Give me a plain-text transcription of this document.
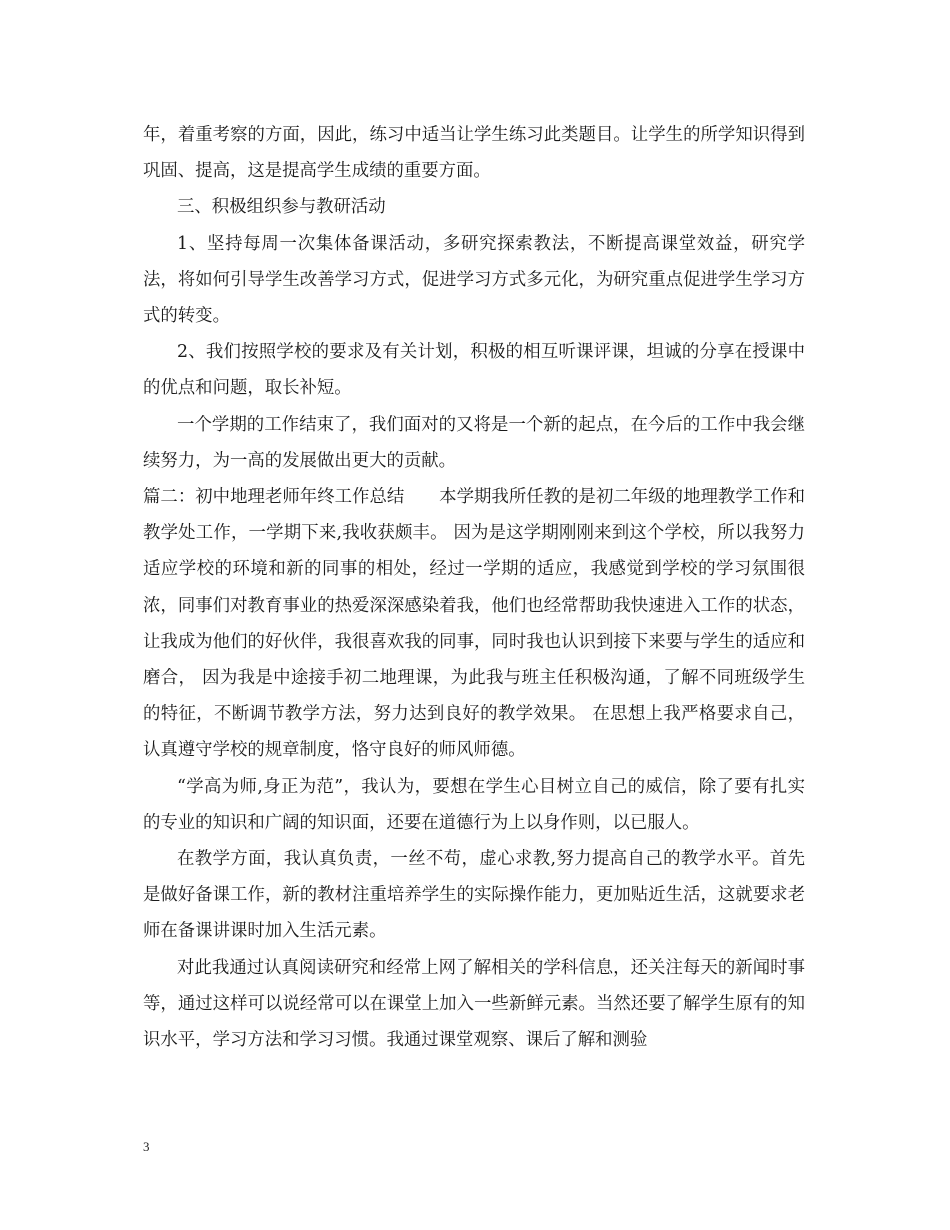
年，着重考察的方面，因此，练习中适当让学生练习此类题目。让学生的所学知识得到巩固、提高，这是提高学生成绩的重要方面。

三、积极组织参与教研活动

1、坚持每周一次集体备课活动，多研究探索教法，不断提高课堂效益，研究学法，将如何引导学生改善学习方式，促进学习方式多元化，为研究重点促进学生学习方式的转变。

2、我们按照学校的要求及有关计划，积极的相互听课评课，坦诚的分享在授课中的优点和问题，取长补短。

一个学期的工作结束了，我们面对的又将是一个新的起点，在今后的工作中我会继续努力，为一高的发展做出更大的贡献。

篇二：初中地理老师年终工作总结　　本学期我所任教的是初二年级的地理教学工作和教学处工作，一学期下来,我收获颇丰。 因为是这学期刚刚来到这个学校，所以我努力适应学校的环境和新的同事的相处，经过一学期的适应，我感觉到学校的学习氛围很浓，同事们对教育事业的热爱深深感染着我，他们也经常帮助我快速进入工作的状态，让我成为他们的好伙伴，我很喜欢我的同事，同时我也认识到接下来要与学生的适应和磨合， 因为我是中途接手初二地理课，为此我与班主任积极沟通，了解不同班级学生的特征，不断调节教学方法，努力达到良好的教学效果。 在思想上我严格要求自己，认真遵守学校的规章制度，恪守良好的师风师德。

“学高为师,身正为范”，我认为，要想在学生心目树立自己的威信，除了要有扎实的专业的知识和广阔的知识面，还要在道德行为上以身作则，以已服人。

在教学方面，我认真负责，一丝不苟，虚心求教,努力提高自己的教学水平。首先是做好备课工作，新的教材注重培养学生的实际操作能力，更加贴近生活，这就要求老师在备课讲课时加入生活元素。

对此我通过认真阅读研究和经常上网了解相关的学科信息，还关注每天的新闻时事等，通过这样可以说经常可以在课堂上加入一些新鲜元素。当然还要了解学生原有的知识水平，学习方法和学习习惯。我通过课堂观察、课后了解和测验

3
